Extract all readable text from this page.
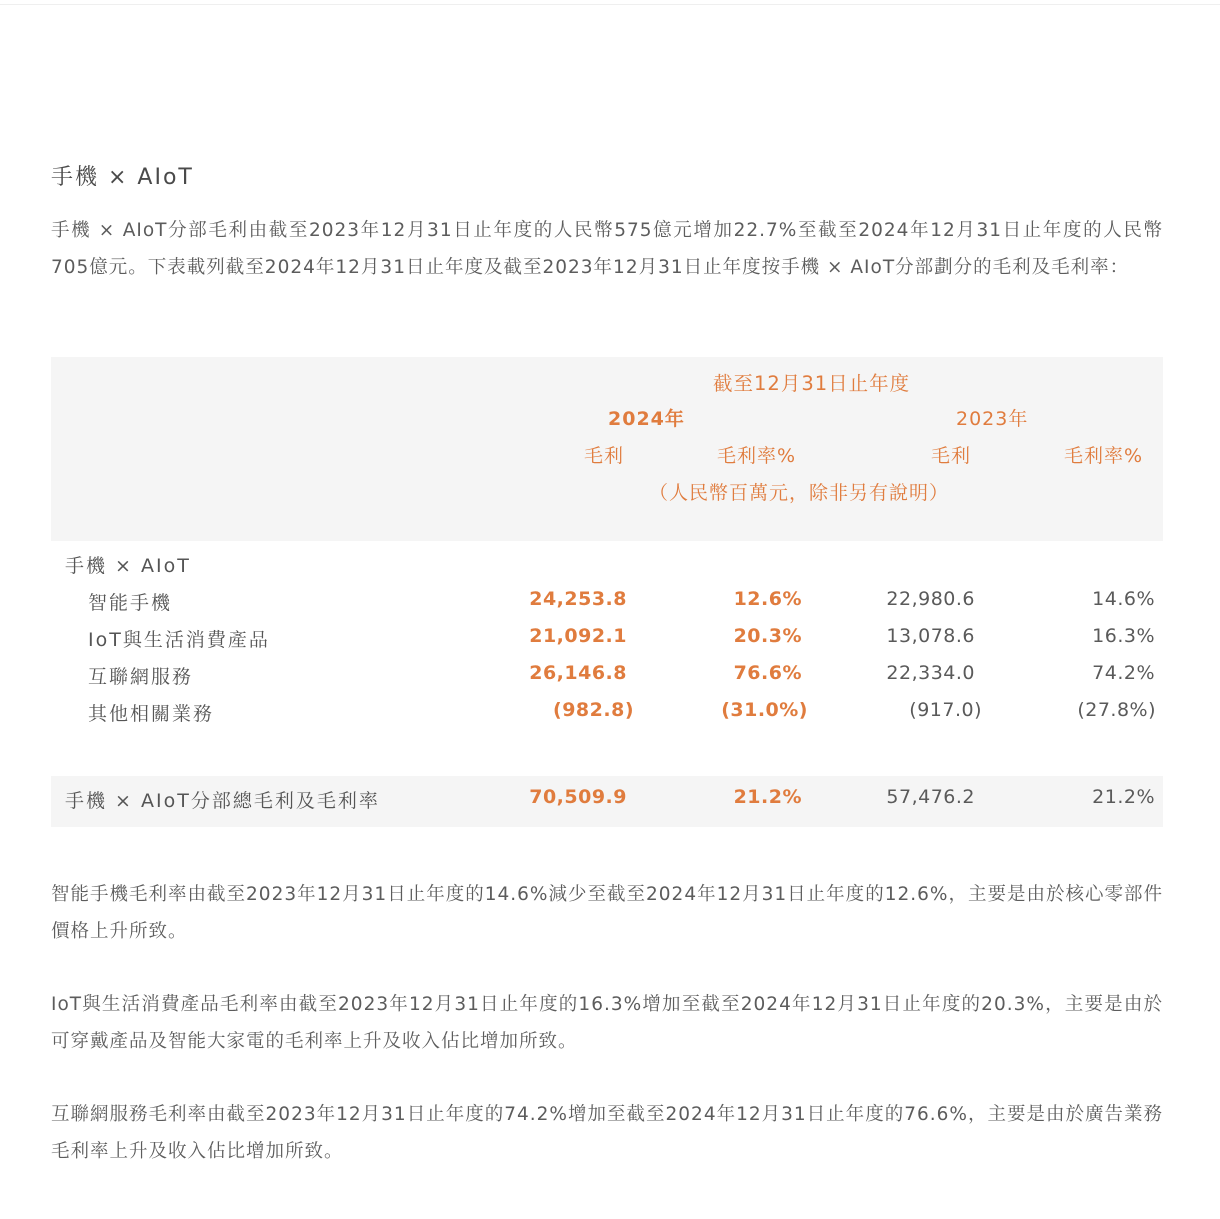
手機 × AIoT
手機 × AIoT分部毛利由截至2023年12月31日止年度的人民幣575億元增加22.7%至截至2024年12月31日止年度的人民幣705億元。下表載列截至2024年12月31日止年度及截至2023年12月31日止年度按手機 × AIoT分部劃分的毛利及毛利率：
截至12月31日止年度
2024年	2023年
毛利	毛利率%	毛利	毛利率%
（人民幣百萬元，除非另有說明）
手機 × AIoT
智能手機	24,253.8	12.6%	22,980.6	14.6%
IoT與生活消費產品	21,092.1	20.3%	13,078.6	16.3%
互聯網服務	26,146.8	76.6%	22,334.0	74.2%
其他相關業務	(982.8)	(31.0%)	(917.0)	(27.8%)
手機 × AIoT分部總毛利及毛利率	70,509.9	21.2%	57,476.2	21.2%
智能手機毛利率由截至2023年12月31日止年度的14.6%減少至截至2024年12月31日止年度的12.6%，主要是由於核心零部件價格上升所致。
IoT與生活消費產品毛利率由截至2023年12月31日止年度的16.3%增加至截至2024年12月31日止年度的20.3%，主要是由於可穿戴產品及智能大家電的毛利率上升及收入佔比增加所致。
互聯網服務毛利率由截至2023年12月31日止年度的74.2%增加至截至2024年12月31日止年度的76.6%，主要是由於廣告業務毛利率上升及收入佔比增加所致。
